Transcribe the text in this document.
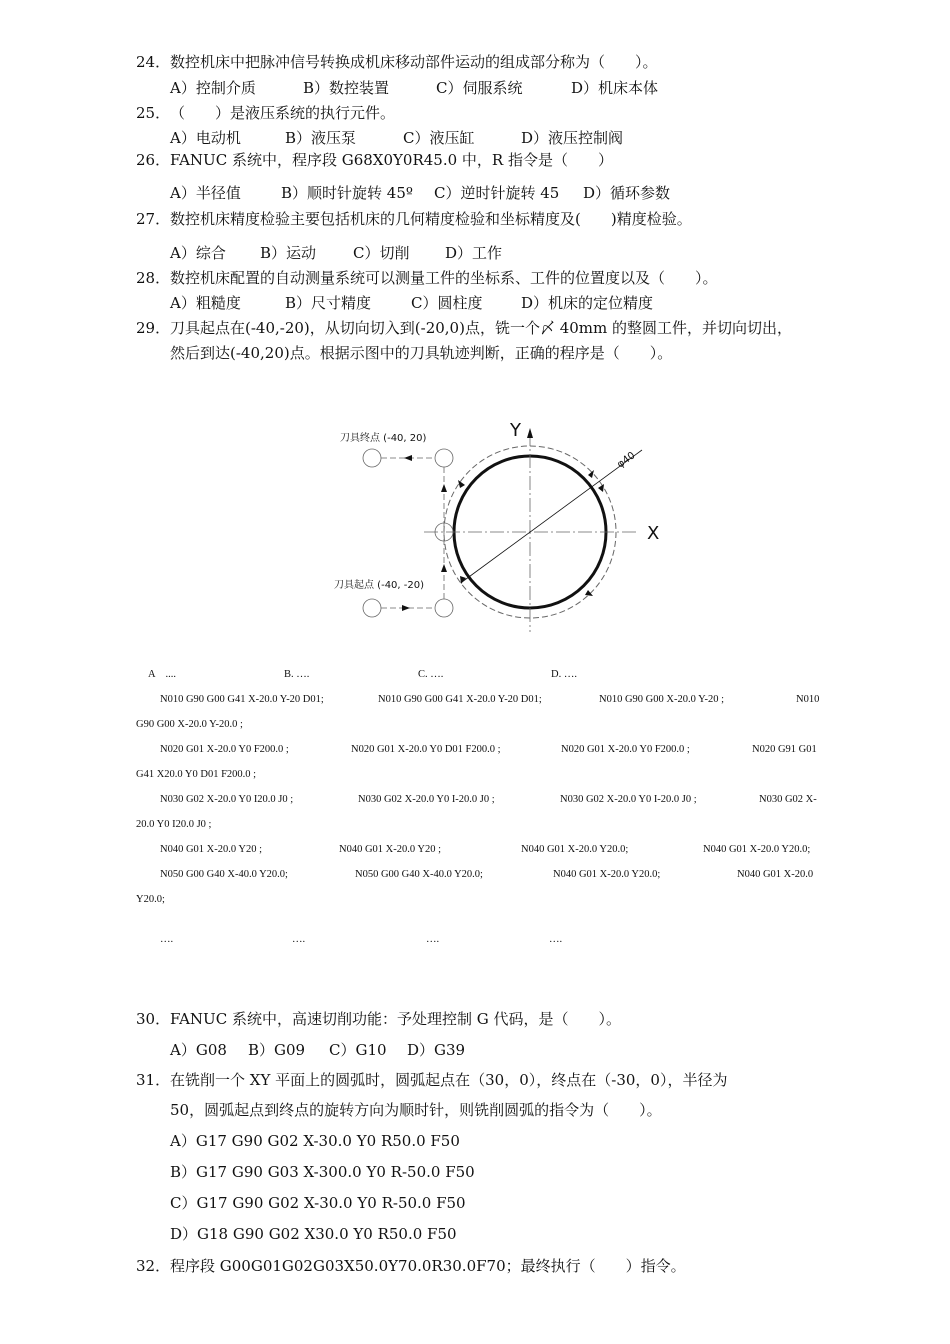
24． 数控机床中把脉冲信号转换成机床移动部件运动的组成部分称为（　　）。
A）控制介质	B）数控装置	C）伺服系统	D）机床本体
25． （　　）是液压系统的执行元件。
A）电动机	B）液压泵	C）液压缸	D）液压控制阀
26． FANUC 系统中，程序段 G68X0Y0R45.0 中，R 指令是（　　）
A）半径值	B）顺时针旋转 45º C）逆时针旋转 45 D）循环参数
27． 数控机床精度检验主要包括机床的几何精度检验和坐标精度及(　　)精度检验。
A）综合 B）运动 C）切削 D）工作
28． 数控机床配置的自动测量系统可以测量工件的坐标系、工件的位置度以及（　　）。
A）粗糙度	B）尺寸精度	C）圆柱度	D）机床的定位精度
29． 刀具起点在(-40,-20)，从切向切入到(-20,0)点，铣一个〆 40mm 的整圆工件，并切向切出，
然后到达(-40,20)点。根据示图中的刀具轨迹判断，正确的程序是（　　）。
Y
X
φ40
刀具终点 (-40, 20)
刀具起点 (-40, -20)
A　....	B. ….	C. ….	D. ….
N010 G90 G00 G41 X-20.0 Y-20 D01;	N010 G90 G00 G41 X-20.0 Y-20 D01;	N010 G90 G00 X-20.0 Y-20 ;	N010
G90 G00 X-20.0 Y-20.0 ;
N020 G01 X-20.0 Y0 F200.0 ;	N020 G01 X-20.0 Y0 D01 F200.0 ;	N020 G01 X-20.0 Y0 F200.0 ;	N020 G91 G01
G41 X20.0 Y0 D01 F200.0 ;
N030 G02 X-20.0 Y0 I20.0 J0 ;	N030 G02 X-20.0 Y0 I-20.0 J0 ;	N030 G02 X-20.0 Y0 I-20.0 J0 ;	N030 G02 X-
20.0 Y0 I20.0 J0 ;
N040 G01 X-20.0 Y20 ;	N040 G01 X-20.0 Y20 ;	N040 G01 X-20.0 Y20.0;	N040 G01 X-20.0 Y20.0;
N050 G00 G40 X-40.0 Y20.0;	N050 G00 G40 X-40.0 Y20.0;	N040 G01 X-20.0 Y20.0;	N040 G01 X-20.0
Y20.0;
….	….	….	….
30． FANUC 系统中，高速切削功能：予处理控制 G 代码，是（　　）。
A）G08 B）G09 C）G10 D）G39
31． 在铣削一个 XY 平面上的圆弧时，圆弧起点在（30，0），终点在（-30，0），半径为
50，圆弧起点到终点的旋转方向为顺时针，则铣削圆弧的指令为（　　）。
A）G17 G90 G02 X-30.0 Y0 R50.0 F50
B）G17 G90 G03 X-300.0 Y0 R-50.0 F50
C）G17 G90 G02 X-30.0 Y0 R-50.0 F50
D）G18 G90 G02 X30.0 Y0 R50.0 F50
32． 程序段 G00G01G02G03X50.0Y70.0R30.0F70；最终执行（　　）指令。
